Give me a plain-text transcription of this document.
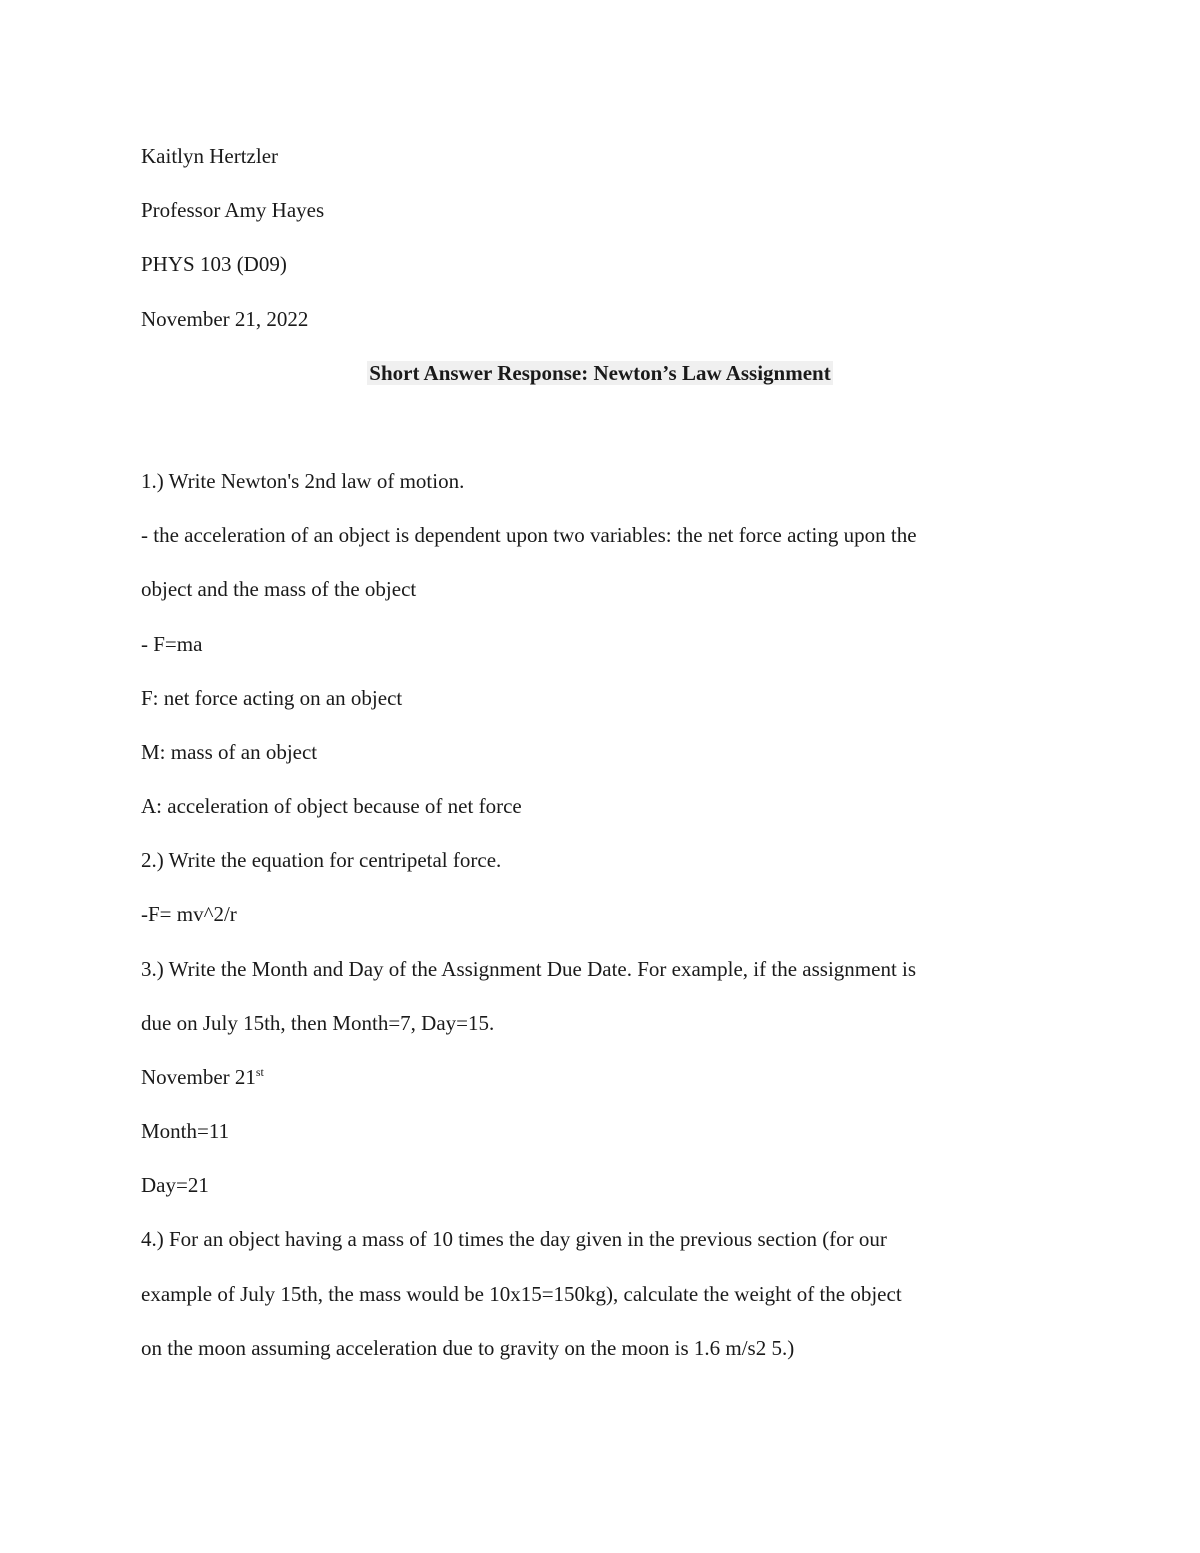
Kaitlyn Hertzler

Professor Amy Hayes

PHYS 103 (D09)

November 21, 2022

Short Answer Response: Newton’s Law Assignment

1.) Write Newton's 2nd law of motion.

- the acceleration of an object is dependent upon two variables: the net force acting upon the

object and the mass of the object

- F=ma

F: net force acting on an object

M: mass of an object

A: acceleration of object because of net force

2.) Write the equation for centripetal force.

-F= mv^2/r

3.) Write the Month and Day of the Assignment Due Date. For example, if the assignment is

due on July 15th, then Month=7, Day=15.

November 21st

Month=11

Day=21

4.) For an object having a mass of 10 times the day given in the previous section (for our

example of July 15th, the mass would be 10x15=150kg), calculate the weight of the object

on the moon assuming acceleration due to gravity on the moon is 1.6 m/s2 5.)
